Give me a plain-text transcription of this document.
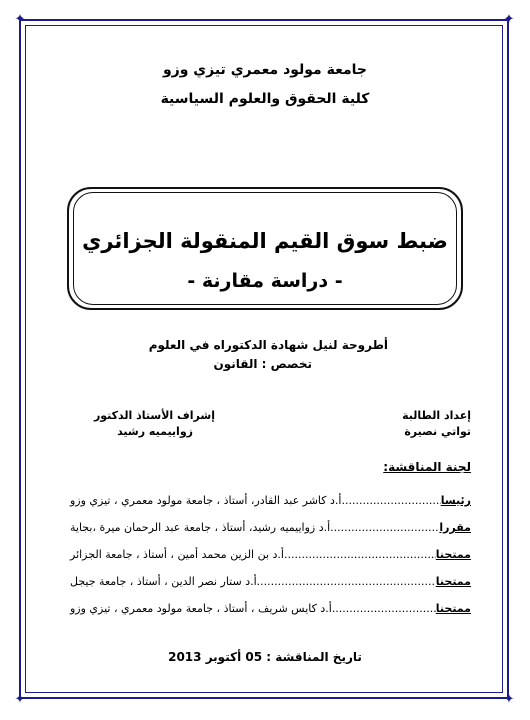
✦	✦
✦	✦
جامعة مولود معمري تيزي وزو
كلية الحقوق والعلوم السياسية
ضبط سوق القيم المنقولة الجزائري
- دراسة مقارنة -
أطروحة لنيل شهادة الدكتوراه في العلوم
تخصص : القانون
إعداد الطالبة
تواتي نصيرة
إشراف الأستاذ الدكتور
زواييميه رشيد
لجنة المناقشة:
أ.د كاشر عبد القادر، أستاذ ، جامعة مولود معمري ، تيزي وزو .....	رئيسا
أ.د زواييميه رشيد، أستاذ ، جامعة عبد الرحمان ميرة ،بجاية .....	مقررا
أ.د بن الزين محمد أمين ، أستاذ ، جامعة الجزائر .....	ممتحنا
أ.د ستار نصر الدين ، أستاذ ، جامعة جيجل .....	ممتحنا
أ.د كايس شريف ، أستاذ ، جامعة مولود معمري ، تيزي وزو .....	ممتحنا
تاريخ المناقشة : 05 أكتوبر 2013
